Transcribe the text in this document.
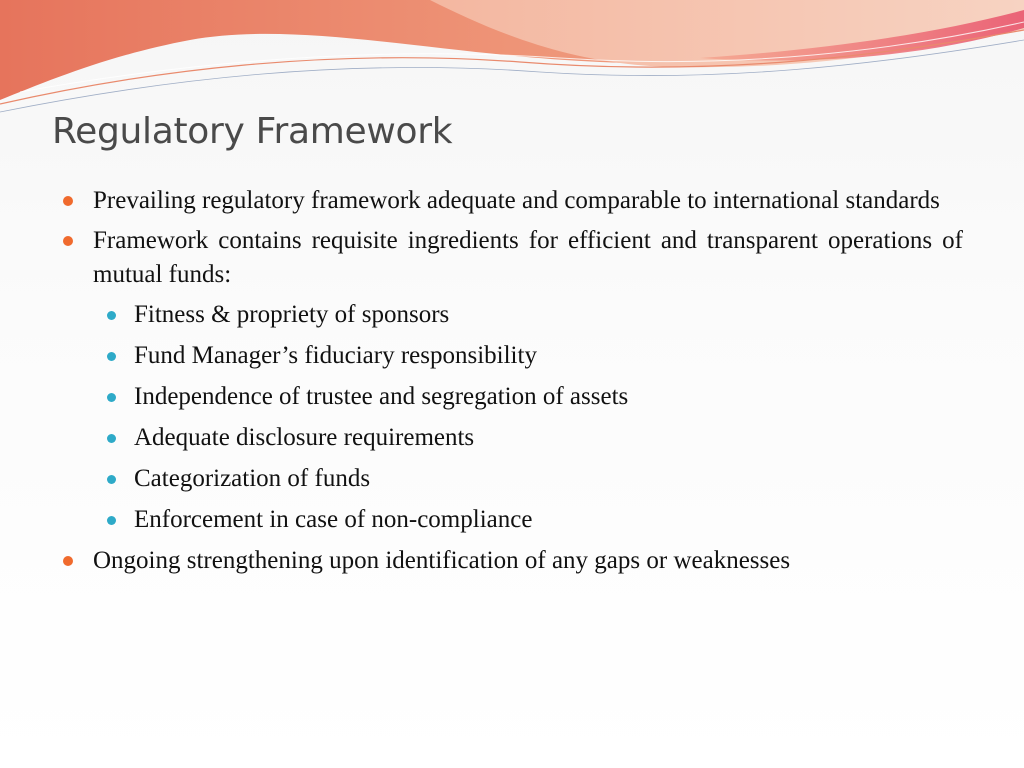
Regulatory Framework
Prevailing regulatory framework adequate and comparable to international standards
Framework contains requisite ingredients for efficient and transparent operations of mutual funds:
Fitness & propriety of sponsors
Fund Manager’s fiduciary responsibility
Independence of trustee and segregation of assets
Adequate disclosure requirements
Categorization of funds
Enforcement in case of non-compliance
Ongoing strengthening upon identification of any gaps or weaknesses
